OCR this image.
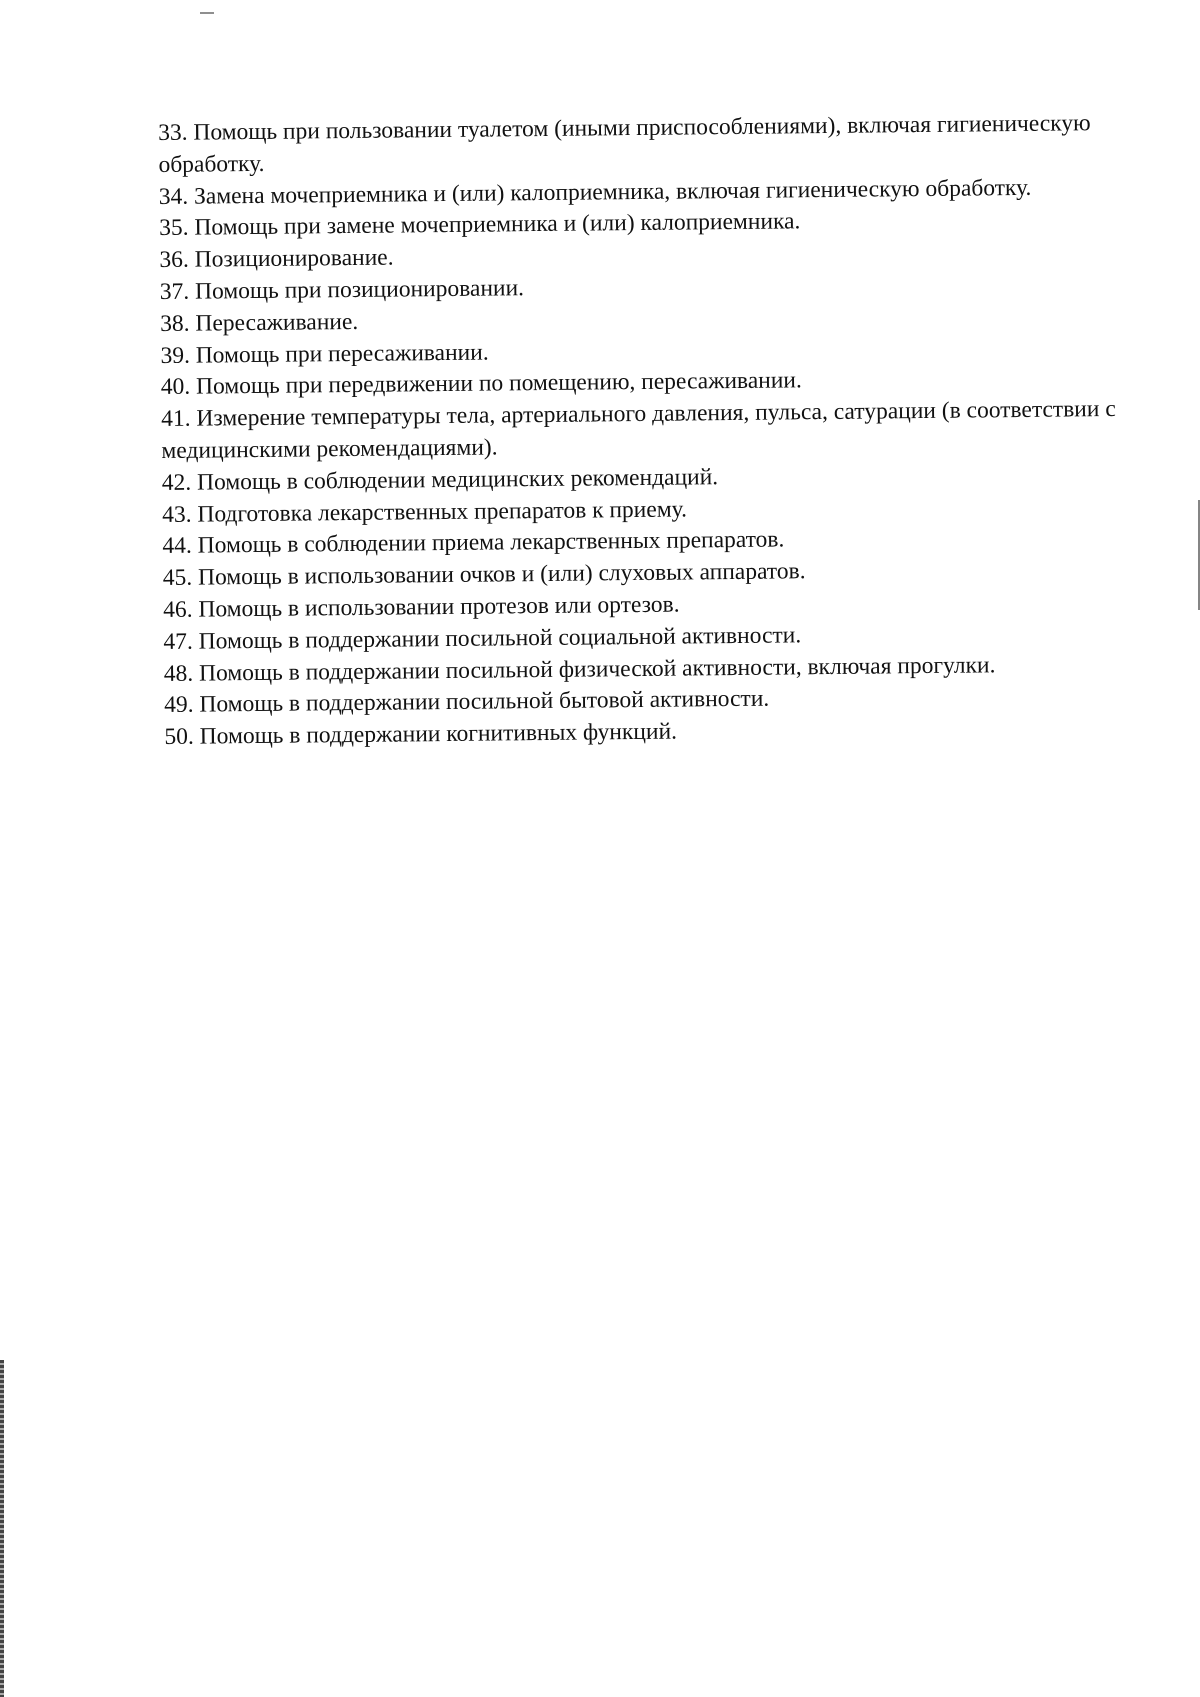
33. Помощь при пользовании туалетом (иными приспособлениями), включая гигиеническую обработку.

34. Замена мочеприемника и (или) калоприемника, включая гигиеническую обработку.

35. Помощь при замене мочеприемника и (или) калоприемника.

36. Позиционирование.

37. Помощь при позиционировании.

38. Пересаживание.

39. Помощь при пересаживании.

40. Помощь при передвижении по помещению, пересаживании.

41. Измерение температуры тела, артериального давления, пульса, сатурации (в соответствии с медицинскими рекомендациями).

42. Помощь в соблюдении медицинских рекомендаций.

43. Подготовка лекарственных препаратов к приему.

44. Помощь в соблюдении приема лекарственных препаратов.

45. Помощь в использовании очков и (или) слуховых аппаратов.

46. Помощь в использовании протезов или ортезов.

47. Помощь в поддержании посильной социальной активности.

48. Помощь в поддержании посильной физической активности, включая прогулки.

49. Помощь в поддержании посильной бытовой активности.

50. Помощь в поддержании когнитивных функций.
